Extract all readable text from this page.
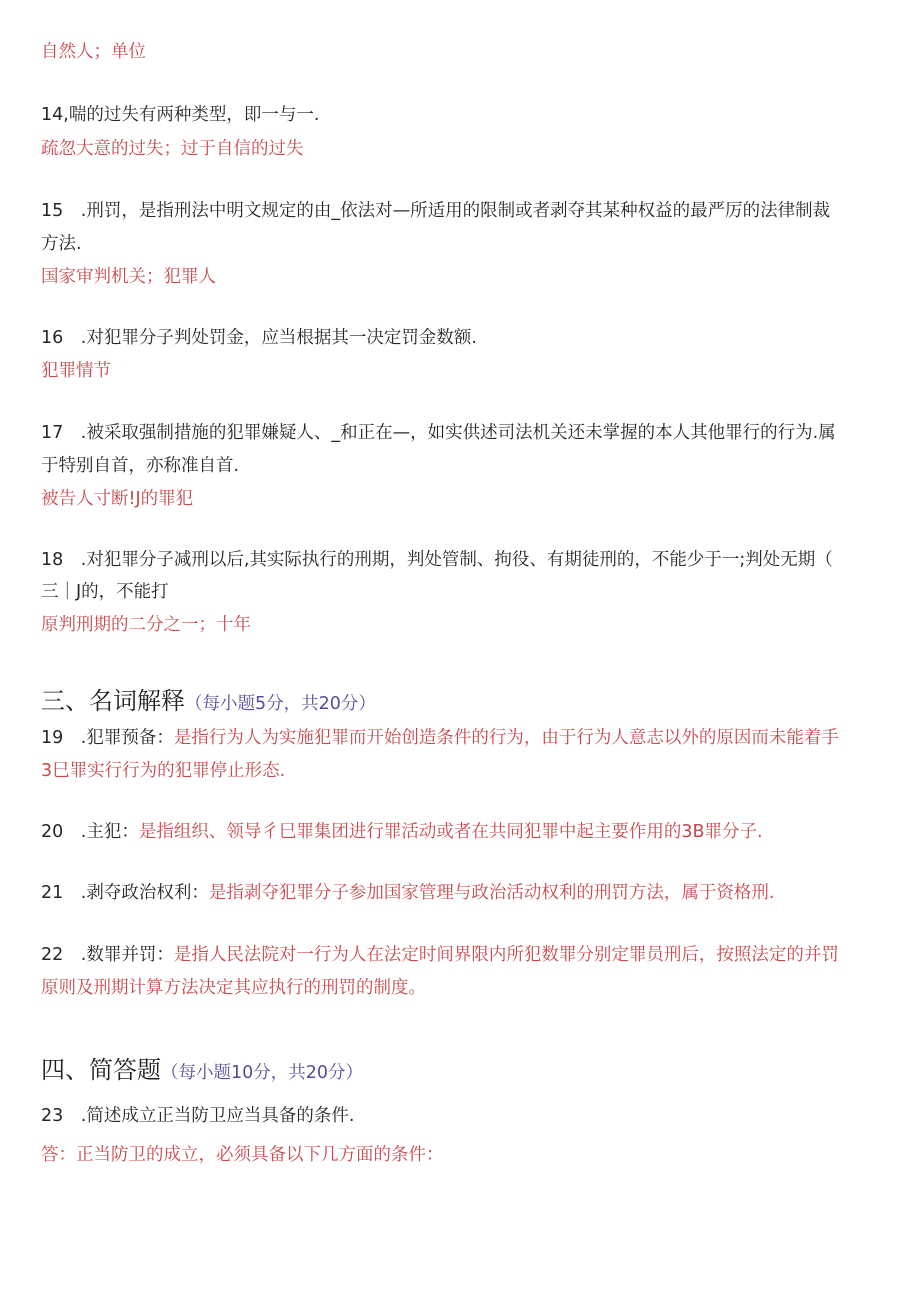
自然人；单位
14,喘的过失有两种类型，即一与一.
疏忽大意的过失；过于自信的过失
15　.刑罚，是指刑法中明文规定的由_依法对—所适用的限制或者剥夺其某种权益的最严厉的法律制裁
方法.
国家审判机关；犯罪人
16　.对犯罪分子判处罚金，应当根据其一决定罚金数额.
犯罪情节
17　.被采取强制措施的犯罪嫌疑人、_和正在—，如实供述司法机关还未掌握的本人其他罪行的行为.属
于特别自首，亦称准自首.
被告人寸断!J的罪犯
18　.对犯罪分子减刑以后,其实际执行的刑期，判处管制、拘役、有期徒刑的，不能少于一;判处无期（
三｜J的，不能打
原判刑期的二分之一；十年
三、名词解释（每小题5分，共20分）
19　.犯罪预备：是指行为人为实施犯罪而开始创造条件的行为，由于行为人意志以外的原因而未能着手
3巳罪实行行为的犯罪停止形态.
20　.主犯：是指组织、领导彳巳罪集团进行罪活动或者在共同犯罪中起主要作用的3B罪分子.
21　.剥夺政治权利：是指剥夺犯罪分子参加国家管理与政治活动权利的刑罚方法，属于资格刑.
22　.数罪并罚：是指人民法院对一行为人在法定时间界限内所犯数罪分别定罪员刑后，按照法定的并罚
原则及刑期计算方法决定其应执行的刑罚的制度。
四、简答题（每小题10分，共20分）
23　.简述成立正当防卫应当具备的条件.
答：正当防卫的成立，必须具备以下几方面的条件：
